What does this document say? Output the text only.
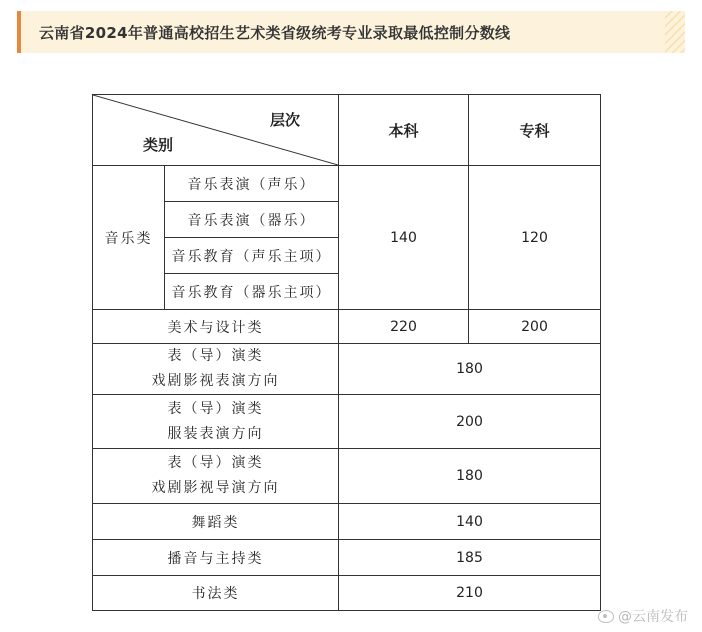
云南省2024年普通高校招生艺术类省级统考专业录取最低控制分数线
层次
类别		本科	专科
音乐类	音乐表演（声乐）	140	120
	音乐表演（器乐）		
	音乐教育（声乐主项）		
	音乐教育（器乐主项）		
美术与设计类		220	200

表（导）演类
戏剧影视表演方向		180	

表（导）演类
服装表演方向		200	

表（导）演类
戏剧影视导演方向		180	
舞蹈类		140	
播音与主持类		185	
书法类		210	
@云南发布
